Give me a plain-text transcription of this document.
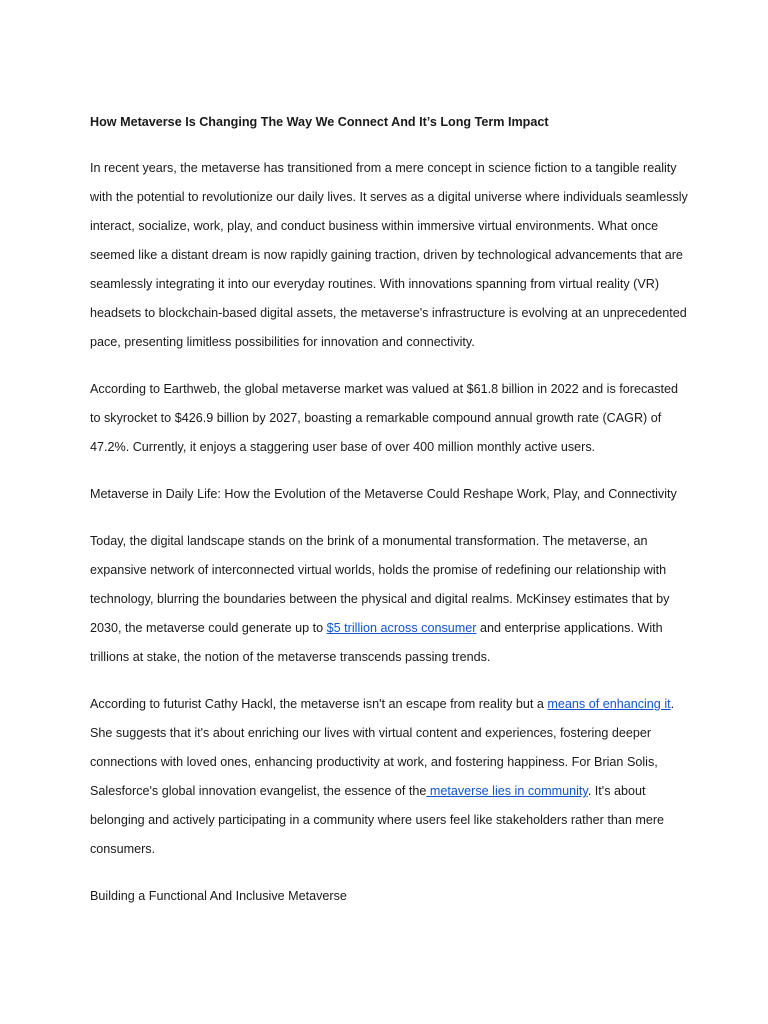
How Metaverse Is Changing The Way We Connect And It’s Long Term Impact

In recent years, the metaverse has transitioned from a mere concept in science fiction to a tangible reality with the potential to revolutionize our daily lives. It serves as a digital universe where individuals seamlessly interact, socialize, work, play, and conduct business within immersive virtual environments. What once seemed like a distant dream is now rapidly gaining traction, driven by technological advancements that are seamlessly integrating it into our everyday routines. With innovations spanning from virtual reality (VR) headsets to blockchain-based digital assets, the metaverse's infrastructure is evolving at an unprecedented pace, presenting limitless possibilities for innovation and connectivity.

According to Earthweb, the global metaverse market was valued at $61.8 billion in 2022 and is forecasted to skyrocket to $426.9 billion by 2027, boasting a remarkable compound annual growth rate (CAGR) of 47.2%. Currently, it enjoys a staggering user base of over 400 million monthly active users.

Metaverse in Daily Life: How the Evolution of the Metaverse Could Reshape Work, Play, and Connectivity

Today, the digital landscape stands on the brink of a monumental transformation. The metaverse, an expansive network of interconnected virtual worlds, holds the promise of redefining our relationship with technology, blurring the boundaries between the physical and digital realms. McKinsey estimates that by 2030, the metaverse could generate up to $5 trillion across consumer and enterprise applications. With trillions at stake, the notion of the metaverse transcends passing trends.

According to futurist Cathy Hackl, the metaverse isn't an escape from reality but a means of enhancing it. She suggests that it's about enriching our lives with virtual content and experiences, fostering deeper connections with loved ones, enhancing productivity at work, and fostering happiness. For Brian Solis, Salesforce's global innovation evangelist, the essence of the metaverse lies in community. It's about belonging and actively participating in a community where users feel like stakeholders rather than mere consumers.

Building a Functional And Inclusive Metaverse
